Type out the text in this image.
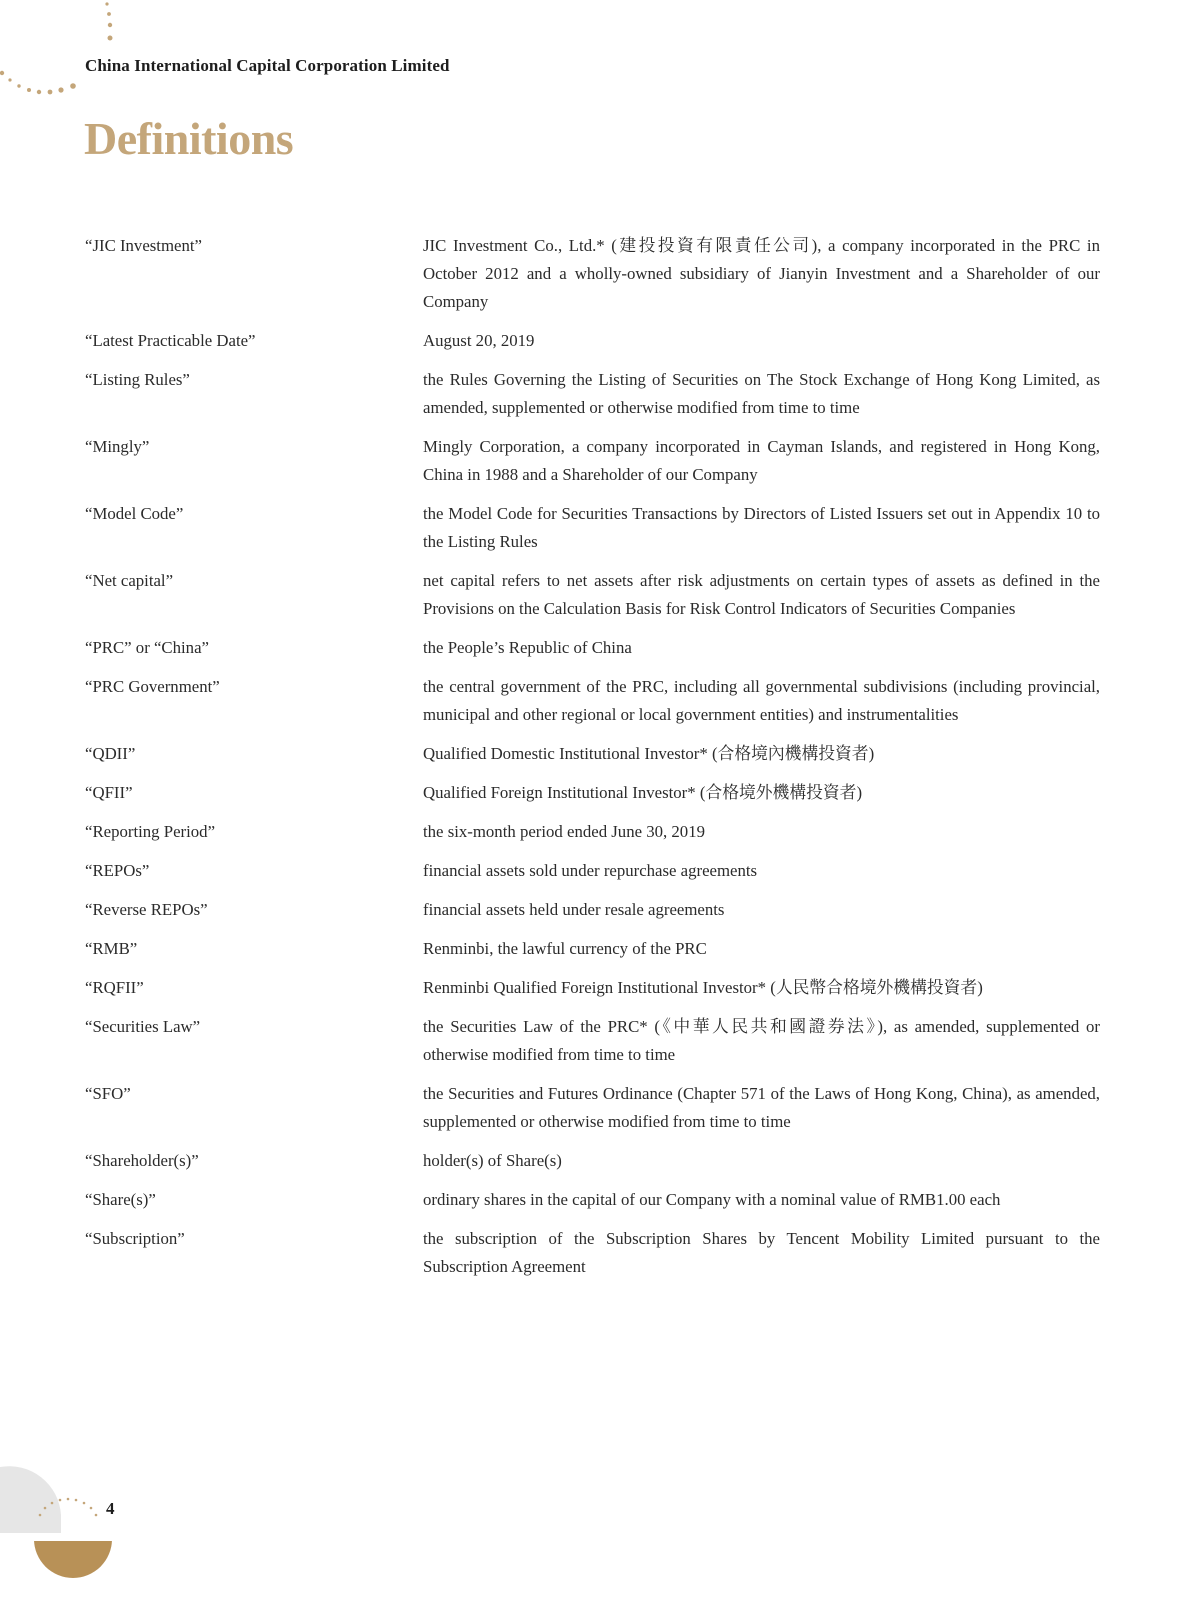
China International Capital Corporation Limited
Definitions
“JIC Investment”	JIC Investment Co., Ltd.* (建投投資有限責任公司), a company incorporated in the PRC in October 2012 and a wholly-owned subsidiary of Jianyin Investment and a Shareholder of our Company
“Latest Practicable Date”	August 20, 2019
“Listing Rules”	the Rules Governing the Listing of Securities on The Stock Exchange of Hong Kong Limited, as amended, supplemented or otherwise modified from time to time
“Mingly”	Mingly Corporation, a company incorporated in Cayman Islands, and registered in Hong Kong, China in 1988 and a Shareholder of our Company
“Model Code”	the Model Code for Securities Transactions by Directors of Listed Issuers set out in Appendix 10 to the Listing Rules
“Net capital”	net capital refers to net assets after risk adjustments on certain types of assets as defined in the Provisions on the Calculation Basis for Risk Control Indicators of Securities Companies
“PRC” or “China”	the People’s Republic of China
“PRC Government”	the central government of the PRC, including all governmental subdivisions (including provincial, municipal and other regional or local government entities) and instrumentalities
“QDII”	Qualified Domestic Institutional Investor* (合格境內機構投資者)
“QFII”	Qualified Foreign Institutional Investor* (合格境外機構投資者)
“Reporting Period”	the six-month period ended June 30, 2019
“REPOs”	financial assets sold under repurchase agreements
“Reverse REPOs”	financial assets held under resale agreements
“RMB”	Renminbi, the lawful currency of the PRC
“RQFII”	Renminbi Qualified Foreign Institutional Investor* (人民幣合格境外機構投資者)
“Securities Law”	the Securities Law of the PRC* (《中華人民共和國證券法》), as amended, supplemented or otherwise modified from time to time
“SFO”	the Securities and Futures Ordinance (Chapter 571 of the Laws of Hong Kong, China), as amended, supplemented or otherwise modified from time to time
“Shareholder(s)”	holder(s) of Share(s)
“Share(s)”	ordinary shares in the capital of our Company with a nominal value of RMB1.00 each
“Subscription”	the subscription of the Subscription Shares by Tencent Mobility Limited pursuant to the Subscription Agreement
4
